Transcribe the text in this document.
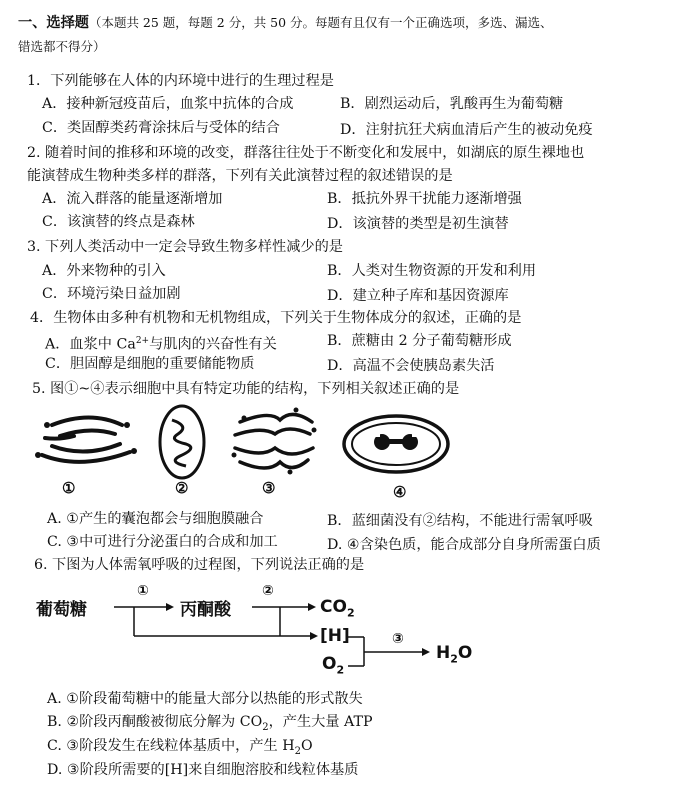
一、选择题（本题共 25 题，每题 2 分，共 50 分。每题有且仅有一个正确选项，多选、漏选、
错选都不得分）
1．下列能够在人体的内环境中进行的生理过程是
A．接种新冠疫苗后，血浆中抗体的合成	B．剧烈运动后，乳酸再生为葡萄糖
C．类固醇类药膏涂抹后与受体的结合	D．注射抗狂犬病血清后产生的被动免疫
2. 随着时间的推移和环境的改变，群落往往处于不断变化和发展中，如湖底的原生裸地也
能演替成生物种类多样的群落，下列有关此演替过程的叙述错误的是
A．流入群落的能量逐渐增加	B．抵抗外界干扰能力逐渐增强
C．该演替的终点是森林	D．该演替的类型是初生演替
3. 下列人类活动中一定会导致生物多样性减少的是
A．外来物种的引入	B．人类对生物资源的开发和利用
C．环境污染日益加剧	D．建立种子库和基因资源库
4．生物体由多种有机物和无机物组成，下列关于生物体成分的叙述，正确的是
A．血浆中 $Ca^{2+}$与肌肉的兴奋性有关	B．蔗糖由 2 分子葡萄糖形成
C．胆固醇是细胞的重要储能物质	D．高温不会使胰岛素失活
5. 图①~④表示细胞中具有特定功能的结构，下列相关叙述正确的是
①	②	③	④
A. ①产生的囊泡都会与细胞膜融合	B．蓝细菌没有②结构，不能进行需氧呼吸
C. ③中可进行分泌蛋白的合成和加工	D. ④含染色质，能合成部分自身所需蛋白质
6. 下图为人体需氧呼吸的过程图，下列说法正确的是
葡萄糖
①
丙酮酸
②
$CO_2$
[H]	③
$O_2$
$H_2O$
A. ①阶段葡萄糖中的能量大部分以热能的形式散失
B. ②阶段丙酮酸被彻底分解为 $CO_2$，产生大量 ATP
C. ③阶段发生在线粒体基质中，产生 $H_2O$
D. ③阶段所需要的[H]来自细胞溶胶和线粒体基质
